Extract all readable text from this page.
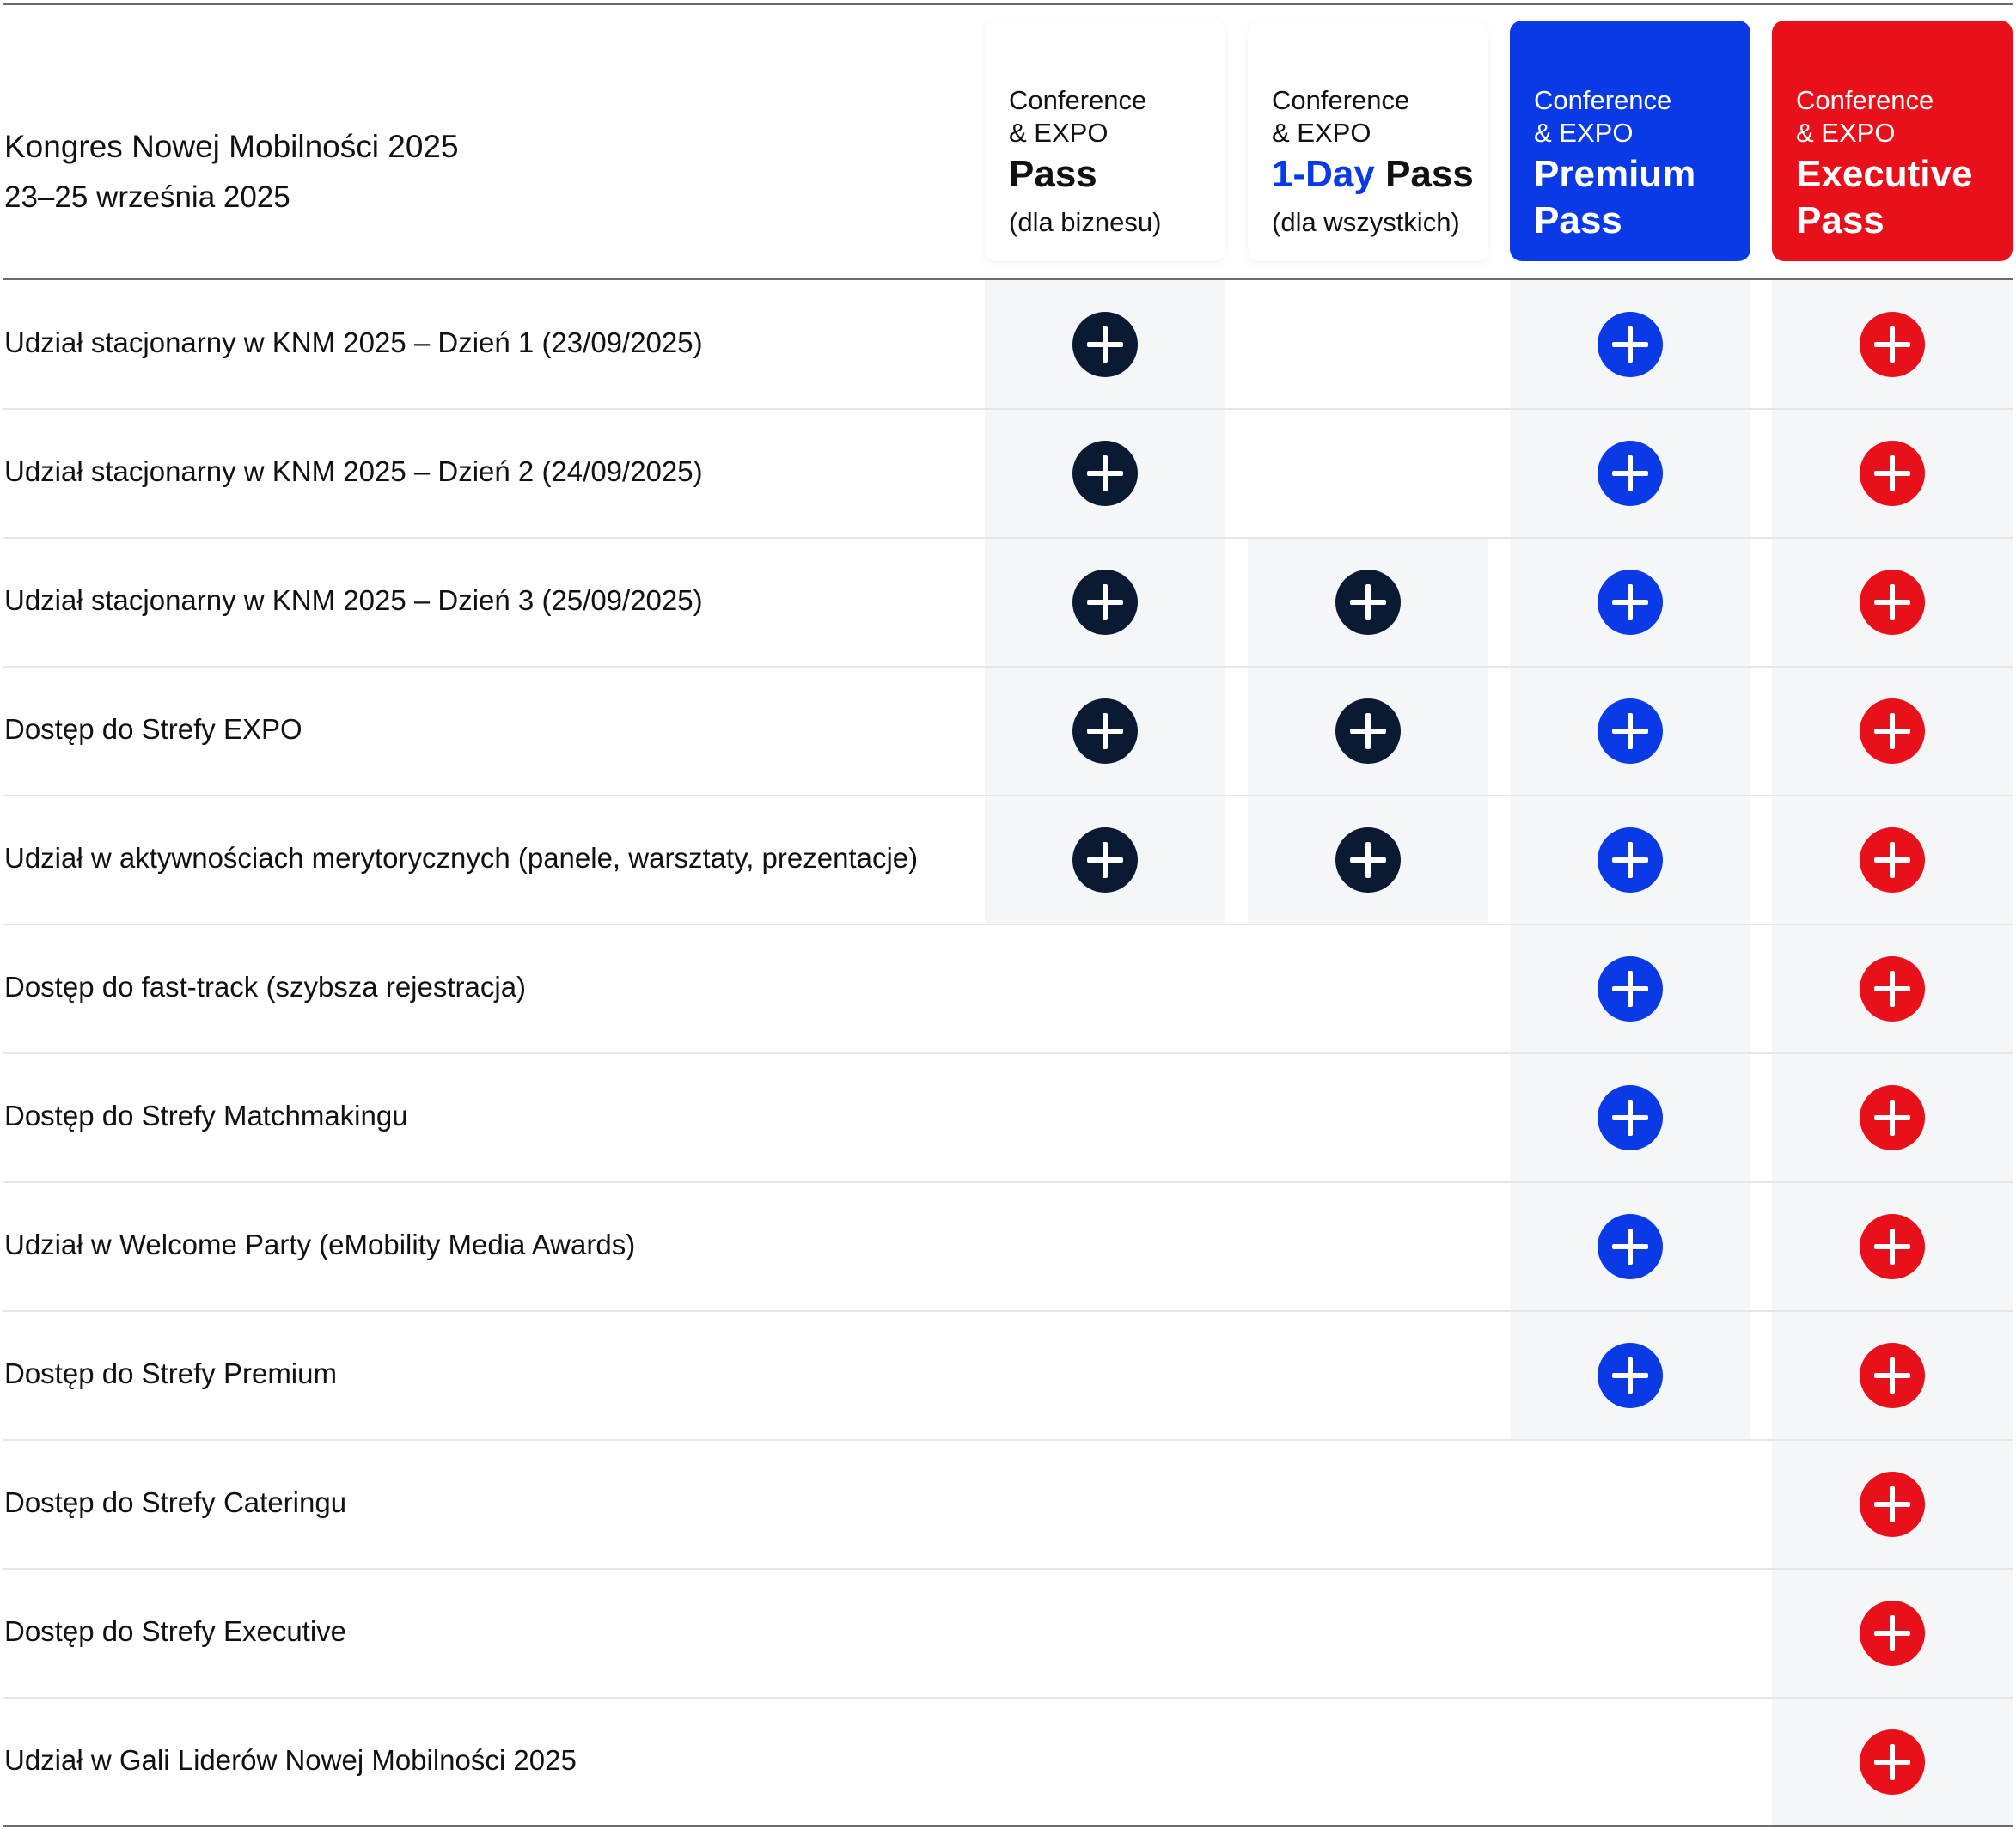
Kongres Nowej Mobilności 2025
23–25 września 2025
Conference
& EXPO
Pass
(dla biznesu)
Conference
& EXPO
1-Day Pass
(dla wszystkich)
Conference
& EXPO
Premium
Pass
Conference
& EXPO
Executive
Pass
Udział stacjonarny w KNM 2025 – Dzień 1 (23/09/2025)
Udział stacjonarny w KNM 2025 – Dzień 2 (24/09/2025)
Udział stacjonarny w KNM 2025 – Dzień 3 (25/09/2025)
Dostęp do Strefy EXPO
Udział w aktywnościach merytorycznych (panele, warsztaty, prezentacje)
Dostęp do fast-track (szybsza rejestracja)
Dostęp do Strefy Matchmakingu
Udział w Welcome Party (eMobility Media Awards)
Dostęp do Strefy Premium
Dostęp do Strefy Cateringu
Dostęp do Strefy Executive
Udział w Gali Liderów Nowej Mobilności 2025
